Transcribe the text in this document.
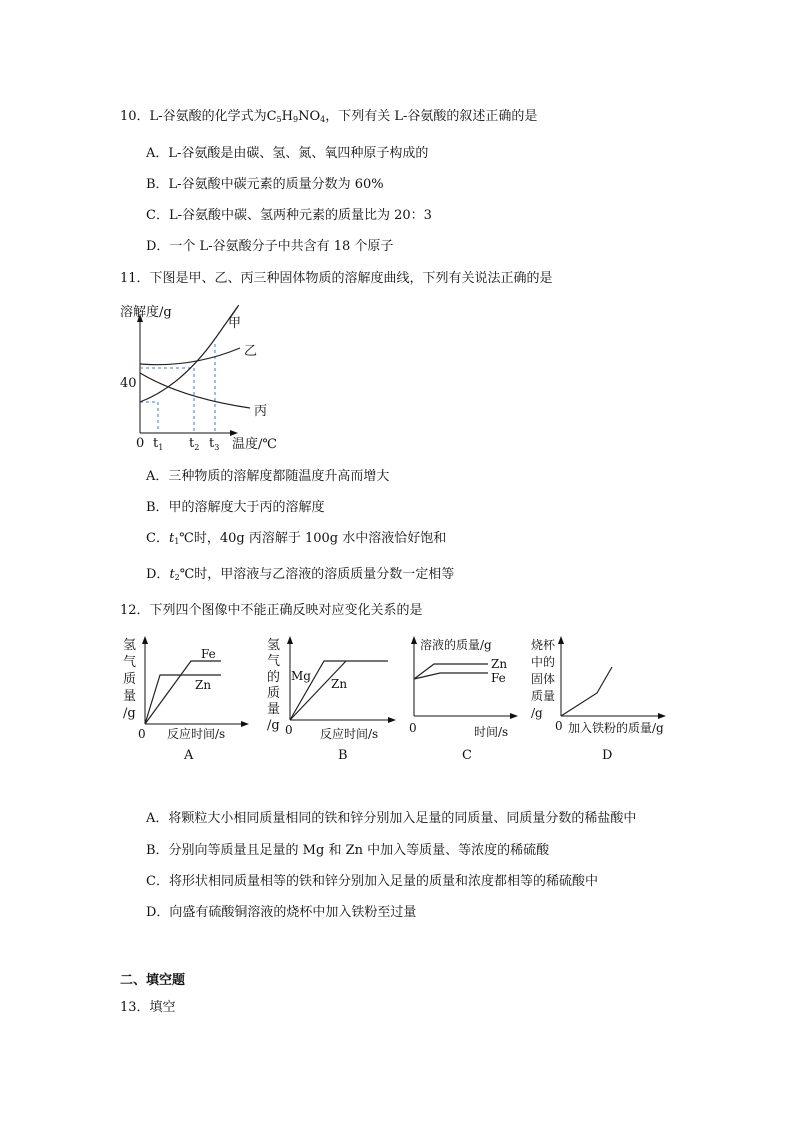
10．L-谷氨酸的化学式为$C_5H_9NO_4$，下列有关 L-谷氨酸的叙述正确的是
A．L-谷氨酸是由碳、氢、氮、氧四种原子构成的
B．L-谷氨酸中碳元素的质量分数为 60%
C．L-谷氨酸中碳、氢两种元素的质量比为 20：3
D．一个 L-谷氨酸分子中共含有 18 个原子
11．下图是甲、乙、丙三种固体物质的溶解度曲线，下列有关说法正确的是
溶解度/g
40
0	温度/℃
$t_1$ $t_2$ $t_3$
甲
乙
丙
A．三种物质的溶解度都随温度升高而增大
B．甲的溶解度大于丙的溶解度
C．$t_1℃$时，40g 丙溶解于 100g 水中溶液恰好饱和
D．$t_2℃$时，甲溶液与乙溶液的溶质质量分数一定相等
12．下列四个图像中不能正确反映对应变化关系的是
氢
气
质
量
/g
0 反应时间/s
Fe
Zn
A
氢
气
的
质
量
/g 0 反应时间/s
Mg
Zn
B
溶液的质量/g
0	时间/s
Zn
Fe
C
烧杯
中的
固体
质量
/g
0 加入铁粉的质量/g
D
A．将颗粒大小相同质量相同的铁和锌分别加入足量的同质量、同质量分数的稀盐酸中
B．分别向等质量且足量的 Mg 和 Zn 中加入等质量、等浓度的稀硫酸
C．将形状相同质量相等的铁和锌分别加入足量的质量和浓度都相等的稀硫酸中
D．向盛有硫酸铜溶液的烧杯中加入铁粉至过量
二、填空题
13．填空
